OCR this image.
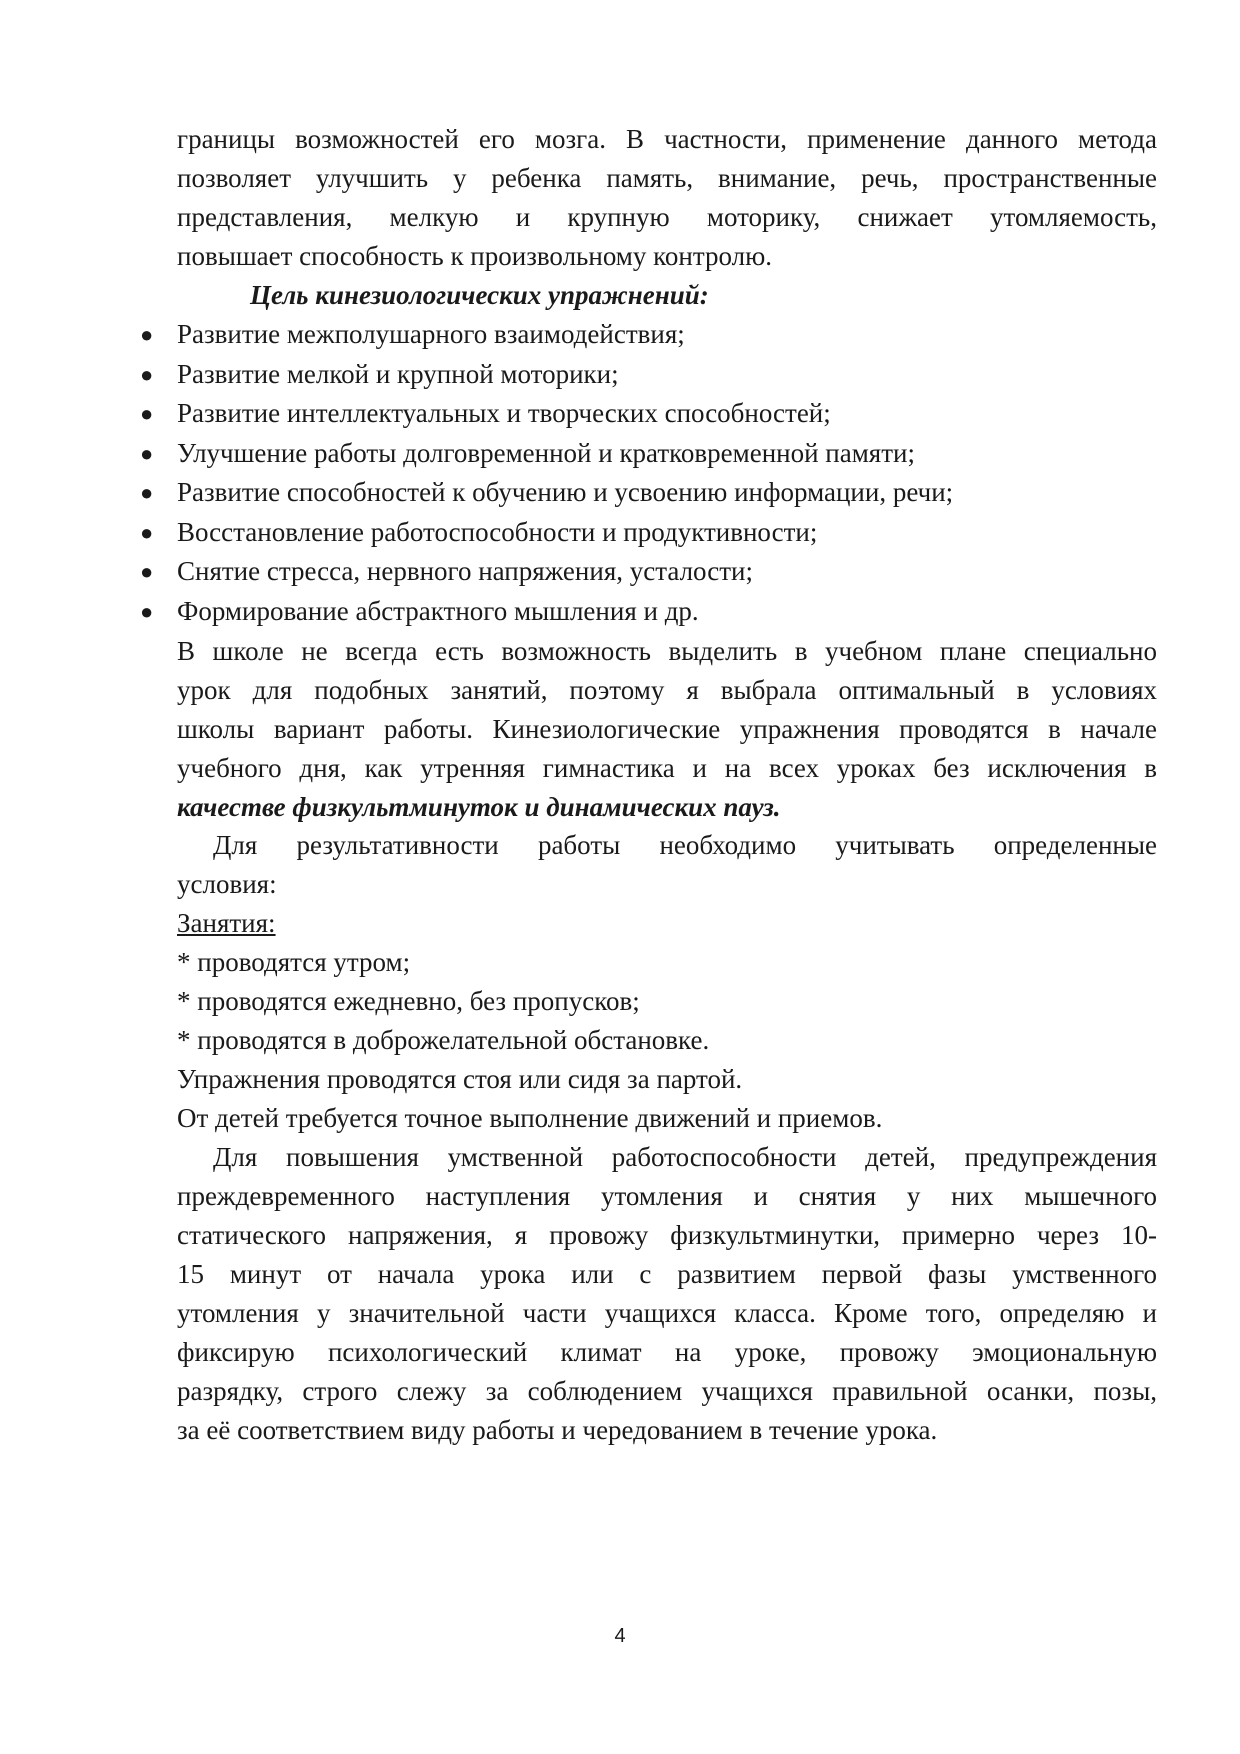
границы возможностей его мозга. В частности, применение данного метода

позволяет улучшить у ребенка память, внимание, речь, пространственные

представления, мелкую и крупную моторику, снижает утомляемость,

повышает способность к произвольному контролю.

Цель кинезиологических упражнений:

● Развитие межполушарного взаимодействия;
● Развитие мелкой и крупной моторики;
● Развитие интеллектуальных и творческих способностей;
● Улучшение работы долговременной и кратковременной памяти;
● Развитие способностей к обучению и усвоению информации, речи;
● Восстановление работоспособности и продуктивности;
● Снятие стресса, нервного напряжения, усталости;
● Формирование абстрактного мышления и др.

В школе не всегда есть возможность выделить в учебном плане специально

урок для подобных занятий, поэтому я выбрала оптимальный в условиях

школы вариант работы. Кинезиологические упражнения проводятся в начале

учебного дня, как утренняя гимнастика и на всех уроках без исключения в

качестве физкультминуток и динамических пауз.

Для результативности работы необходимо учитывать определенные

условия:

Занятия:

* проводятся утром;

* проводятся ежедневно, без пропусков;

* проводятся в доброжелательной обстановке.

Упражнения проводятся стоя или сидя за партой.

От детей требуется точное выполнение движений и приемов.

Для повышения умственной работоспособности детей, предупреждения

преждевременного наступления утомления и снятия у них мышечного

статического напряжения, я провожу физкультминутки, примерно через 10-

15 минут от начала урока или с развитием первой фазы умственного

утомления у значительной части учащихся класса. Кроме того, определяю и

фиксирую психологический климат на уроке, провожу эмоциональную

разрядку, строго слежу за соблюдением учащихся правильной осанки, позы,

за её соответствием виду работы и чередованием в течение урока.

4
